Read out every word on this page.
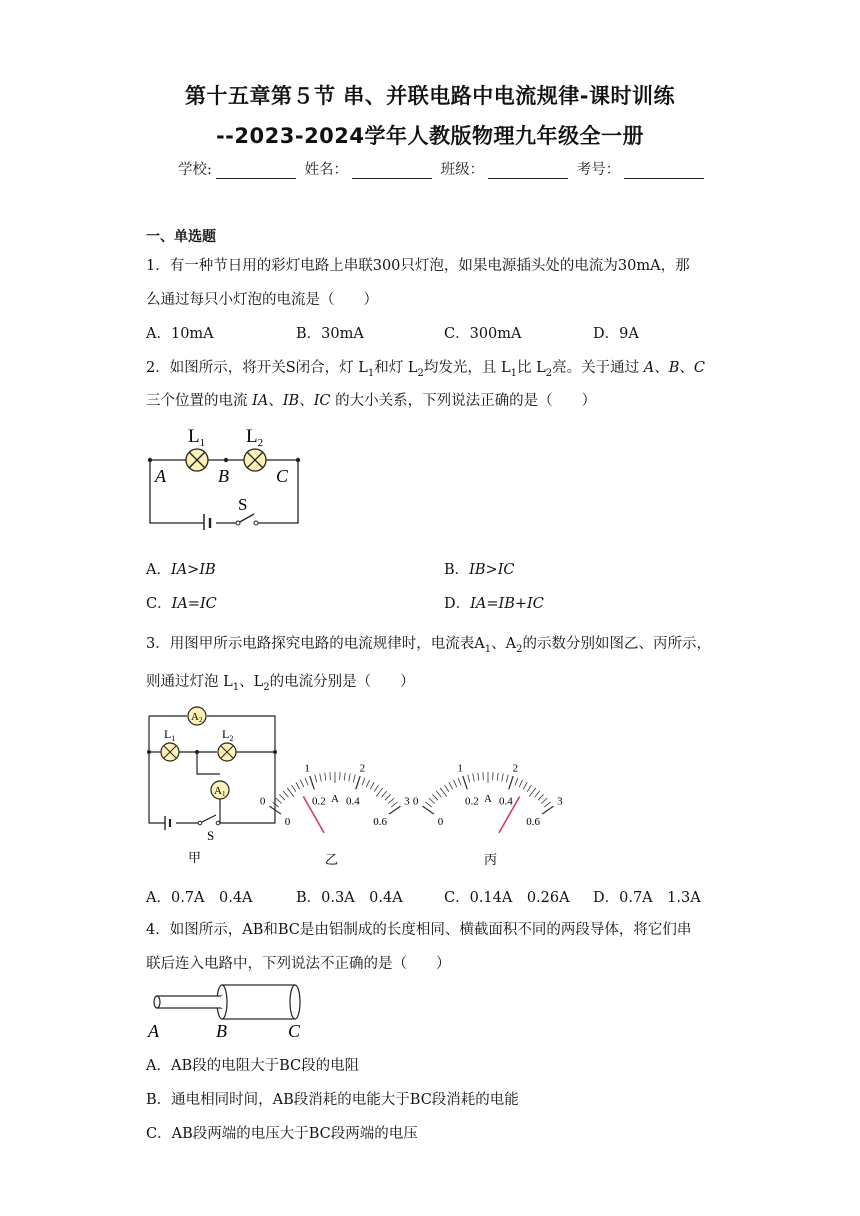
第十五章第５节 串、并联电路中电流规律-课时训练
--2023-2024学年人教版物理九年级全一册
学校:	姓名：	班级：	考号：
一、单选题
1．有一种节日用的彩灯电路上串联300只灯泡，如果电源插头处的电流为30mA，那
么通过每只小灯泡的电流是（　　）
A．10mA	B．30mA	C．300mA	D．9A
2．如图所示，将开关S闭合，灯 $L_1$和灯 $L_2$均发光，且 $L_1$比 $L_2$亮。关于通过 A、B、C
三个位置的电流 IA、IB、IC 的大小关系，下列说法正确的是（　　）
$L_1$ $L_2$
A	B	C
S
A．IA>IB	B．IB>IC
C．IA=IC	D．IA=IB+IC
3．用图甲所示电路探究电路的电流规律时，电流表$A_1$、$A_2$的示数分别如图乙、丙所示，
则通过灯泡 $L_1$、$L_2$的电流分别是（　　）
A 2
A 1
$L_1$	$L_2$
S
甲
0
1	2
3
0
0.2 0.4
0.6
A
乙
0
1	2
3
0
0.2 0.4
0.6
A
丙
A．0.7A　0.4A	B．0.3A　0.4A	C．0.14A　0.26A D．0.7A　1.3A
4．如图所示，AB和BC是由铝制成的长度相同、横截面积不同的两段导体，将它们串
联后连入电路中，下列说法不正确的是（　　）
A	B	C
A．AB段的电阻大于BC段的电阻
B．通电相同时间，AB段消耗的电能大于BC段消耗的电能
C．AB段两端的电压大于BC段两端的电压
